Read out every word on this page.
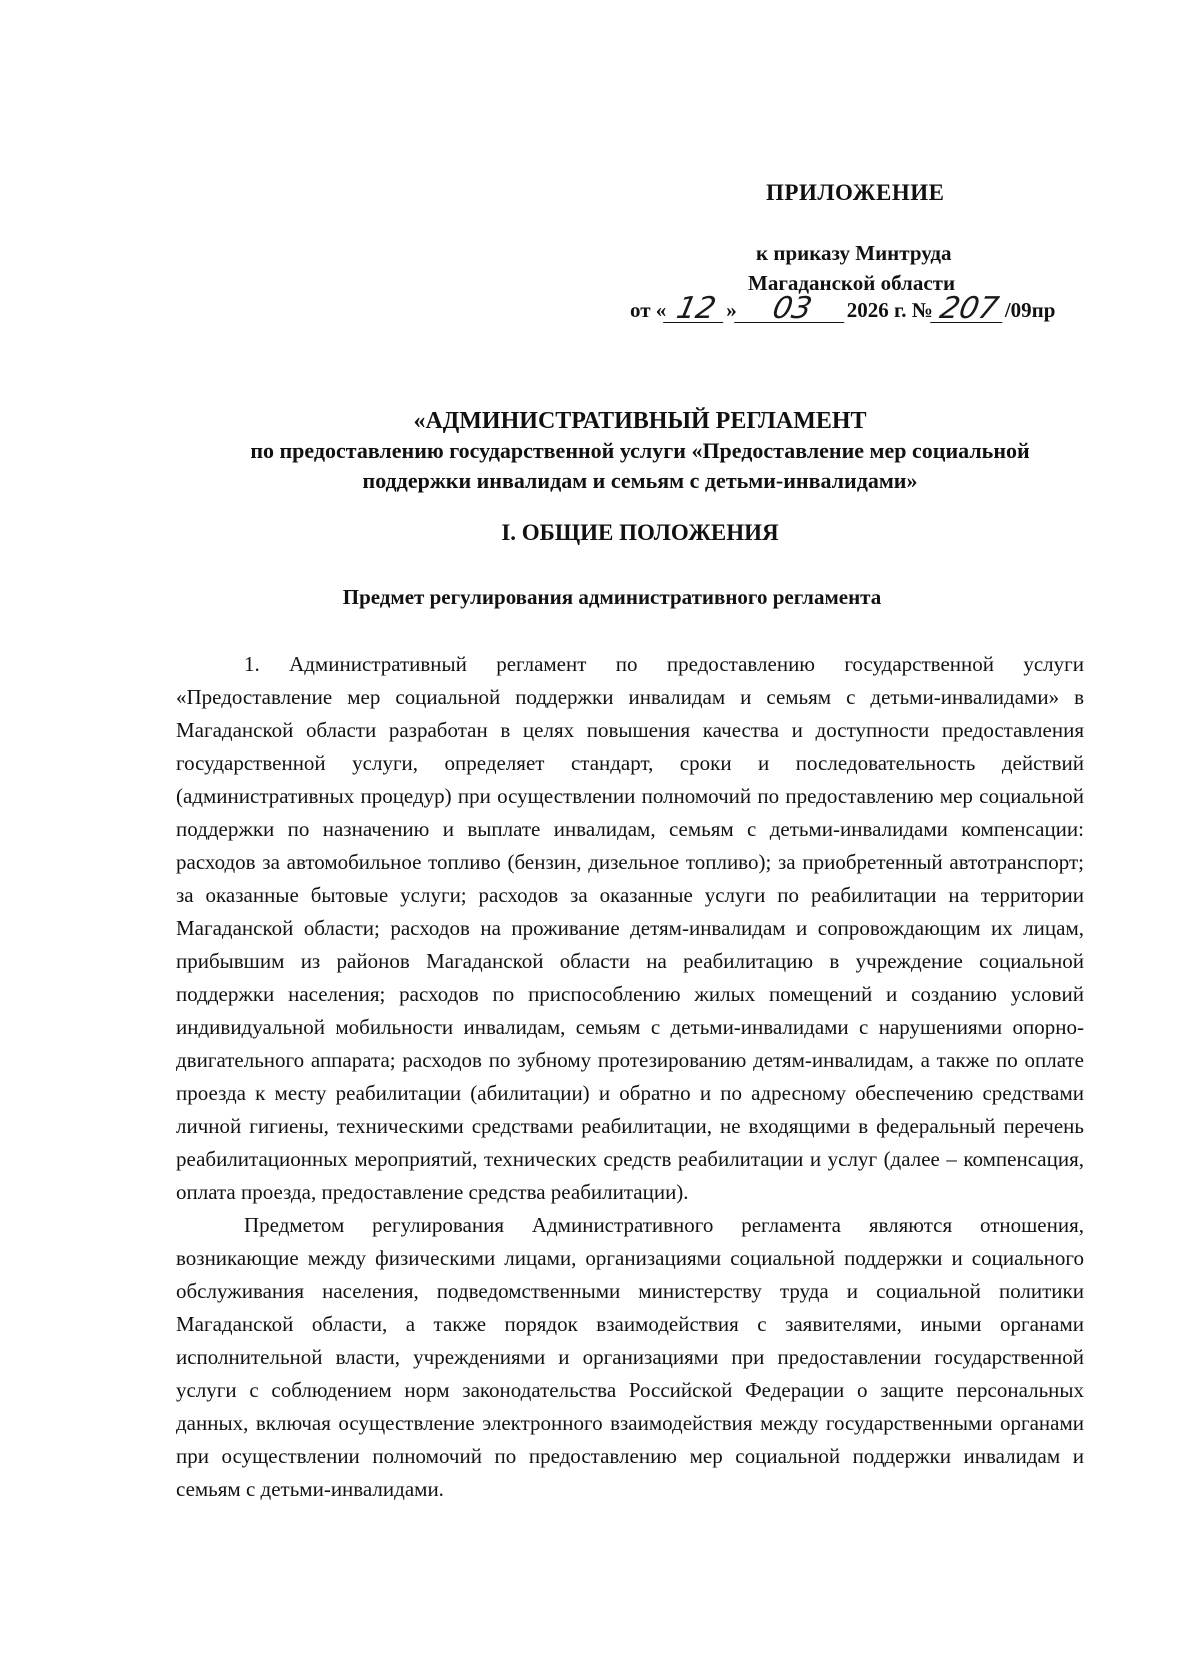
ПРИЛОЖЕНИЕ
к приказу Минтруда
Магаданской области
от « 12 »	03	2026 г. № 207 /09пр
«АДМИНИСТРАТИВНЫЙ РЕГЛАМЕНТ
по предоставлению государственной услуги «Предоставление мер социальной
поддержки инвалидам и семьям с детьми-инвалидами»
I. ОБЩИЕ ПОЛОЖЕНИЯ
Предмет регулирования административного регламента

1. Административный регламент по предоставлению государственной услуги «Предоставление мер социальной поддержки инвалидам и семьям с детьми-инвалидами» в Магаданской области разработан в целях повышения качества и доступности предоставления государственной услуги, определяет стандарт, сроки и последовательность действий (административных процедур) при осуществлении полномочий по предоставлению мер социальной поддержки по назначению и выплате инвалидам, семьям с детьми-инвалидами компенсации: расходов за автомобильное топливо (бензин, дизельное топливо); за приобретенный автотранспорт; за оказанные бытовые услуги; расходов за оказанные услуги по реабилитации на территории Магаданской области; расходов на проживание детям-инвалидам и сопровождающим их лицам, прибывшим из районов Магаданской области на реабилитацию в учреждение социальной поддержки населения; расходов по приспособлению жилых помещений и созданию условий индивидуальной мобильности инвалидам, семьям с детьми-инвалидами с нарушениями опорно-двигательного аппарата; расходов по зубному протезированию детям-инвалидам, а также по оплате проезда к месту реабилитации (абилитации) и обратно и по адресному обеспечению средствами личной гигиены, техническими средствами реабилитации, не входящими в федеральный перечень реабилитационных мероприятий, технических средств реабилитации и услуг (далее – компенсация, оплата проезда, предоставление средства реабилитации).

Предметом регулирования Административного регламента являются отношения, возникающие между физическими лицами, организациями социальной поддержки и социального обслуживания населения, подведомственными министерству труда и социальной политики Магаданской области, а также порядок взаимодействия с заявителями, иными органами исполнительной власти, учреждениями и организациями при предоставлении государственной услуги с соблюдением норм законодательства Российской Федерации о защите персональных данных, включая осуществление электронного взаимодействия между государственными органами при осуществлении полномочий по предоставлению мер социальной поддержки инвалидам и семьям с детьми-инвалидами.
